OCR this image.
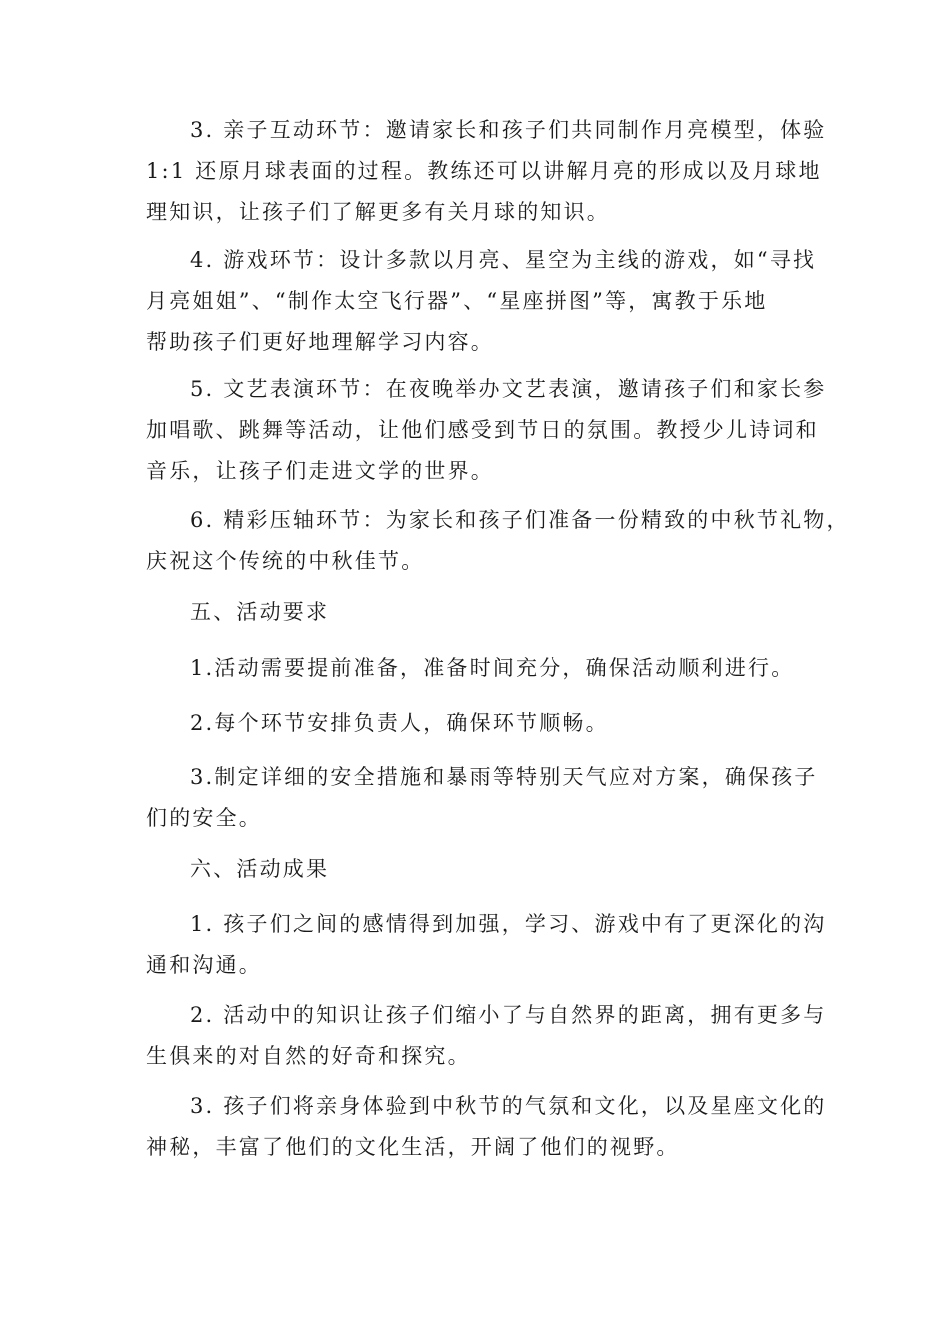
3. 亲子互动环节：邀请家长和孩子们共同制作月亮模型，体验
1:1 还原月球表面的过程。教练还可以讲解月亮的形成以及月球地
理知识，让孩子们了解更多有关月球的知识。
4. 游戏环节：设计多款以月亮、星空为主线的游戏，如“寻找
月亮姐姐”、“制作太空飞行器”、“星座拼图”等，寓教于乐地
帮助孩子们更好地理解学习内容。
5. 文艺表演环节：在夜晚举办文艺表演，邀请孩子们和家长参
加唱歌、跳舞等活动，让他们感受到节日的氛围。教授少儿诗词和
音乐，让孩子们走进文学的世界。
6. 精彩压轴环节：为家长和孩子们准备一份精致的中秋节礼物，
庆祝这个传统的中秋佳节。
五、活动要求
1.活动需要提前准备，准备时间充分，确保活动顺利进行。
2.每个环节安排负责人，确保环节顺畅。
3.制定详细的安全措施和暴雨等特别天气应对方案，确保孩子
们的安全。
六、活动成果
1. 孩子们之间的感情得到加强，学习、游戏中有了更深化的沟
通和沟通。
2. 活动中的知识让孩子们缩小了与自然界的距离，拥有更多与
生俱来的对自然的好奇和探究。
3. 孩子们将亲身体验到中秋节的气氛和文化，以及星座文化的
神秘，丰富了他们的文化生活，开阔了他们的视野。
